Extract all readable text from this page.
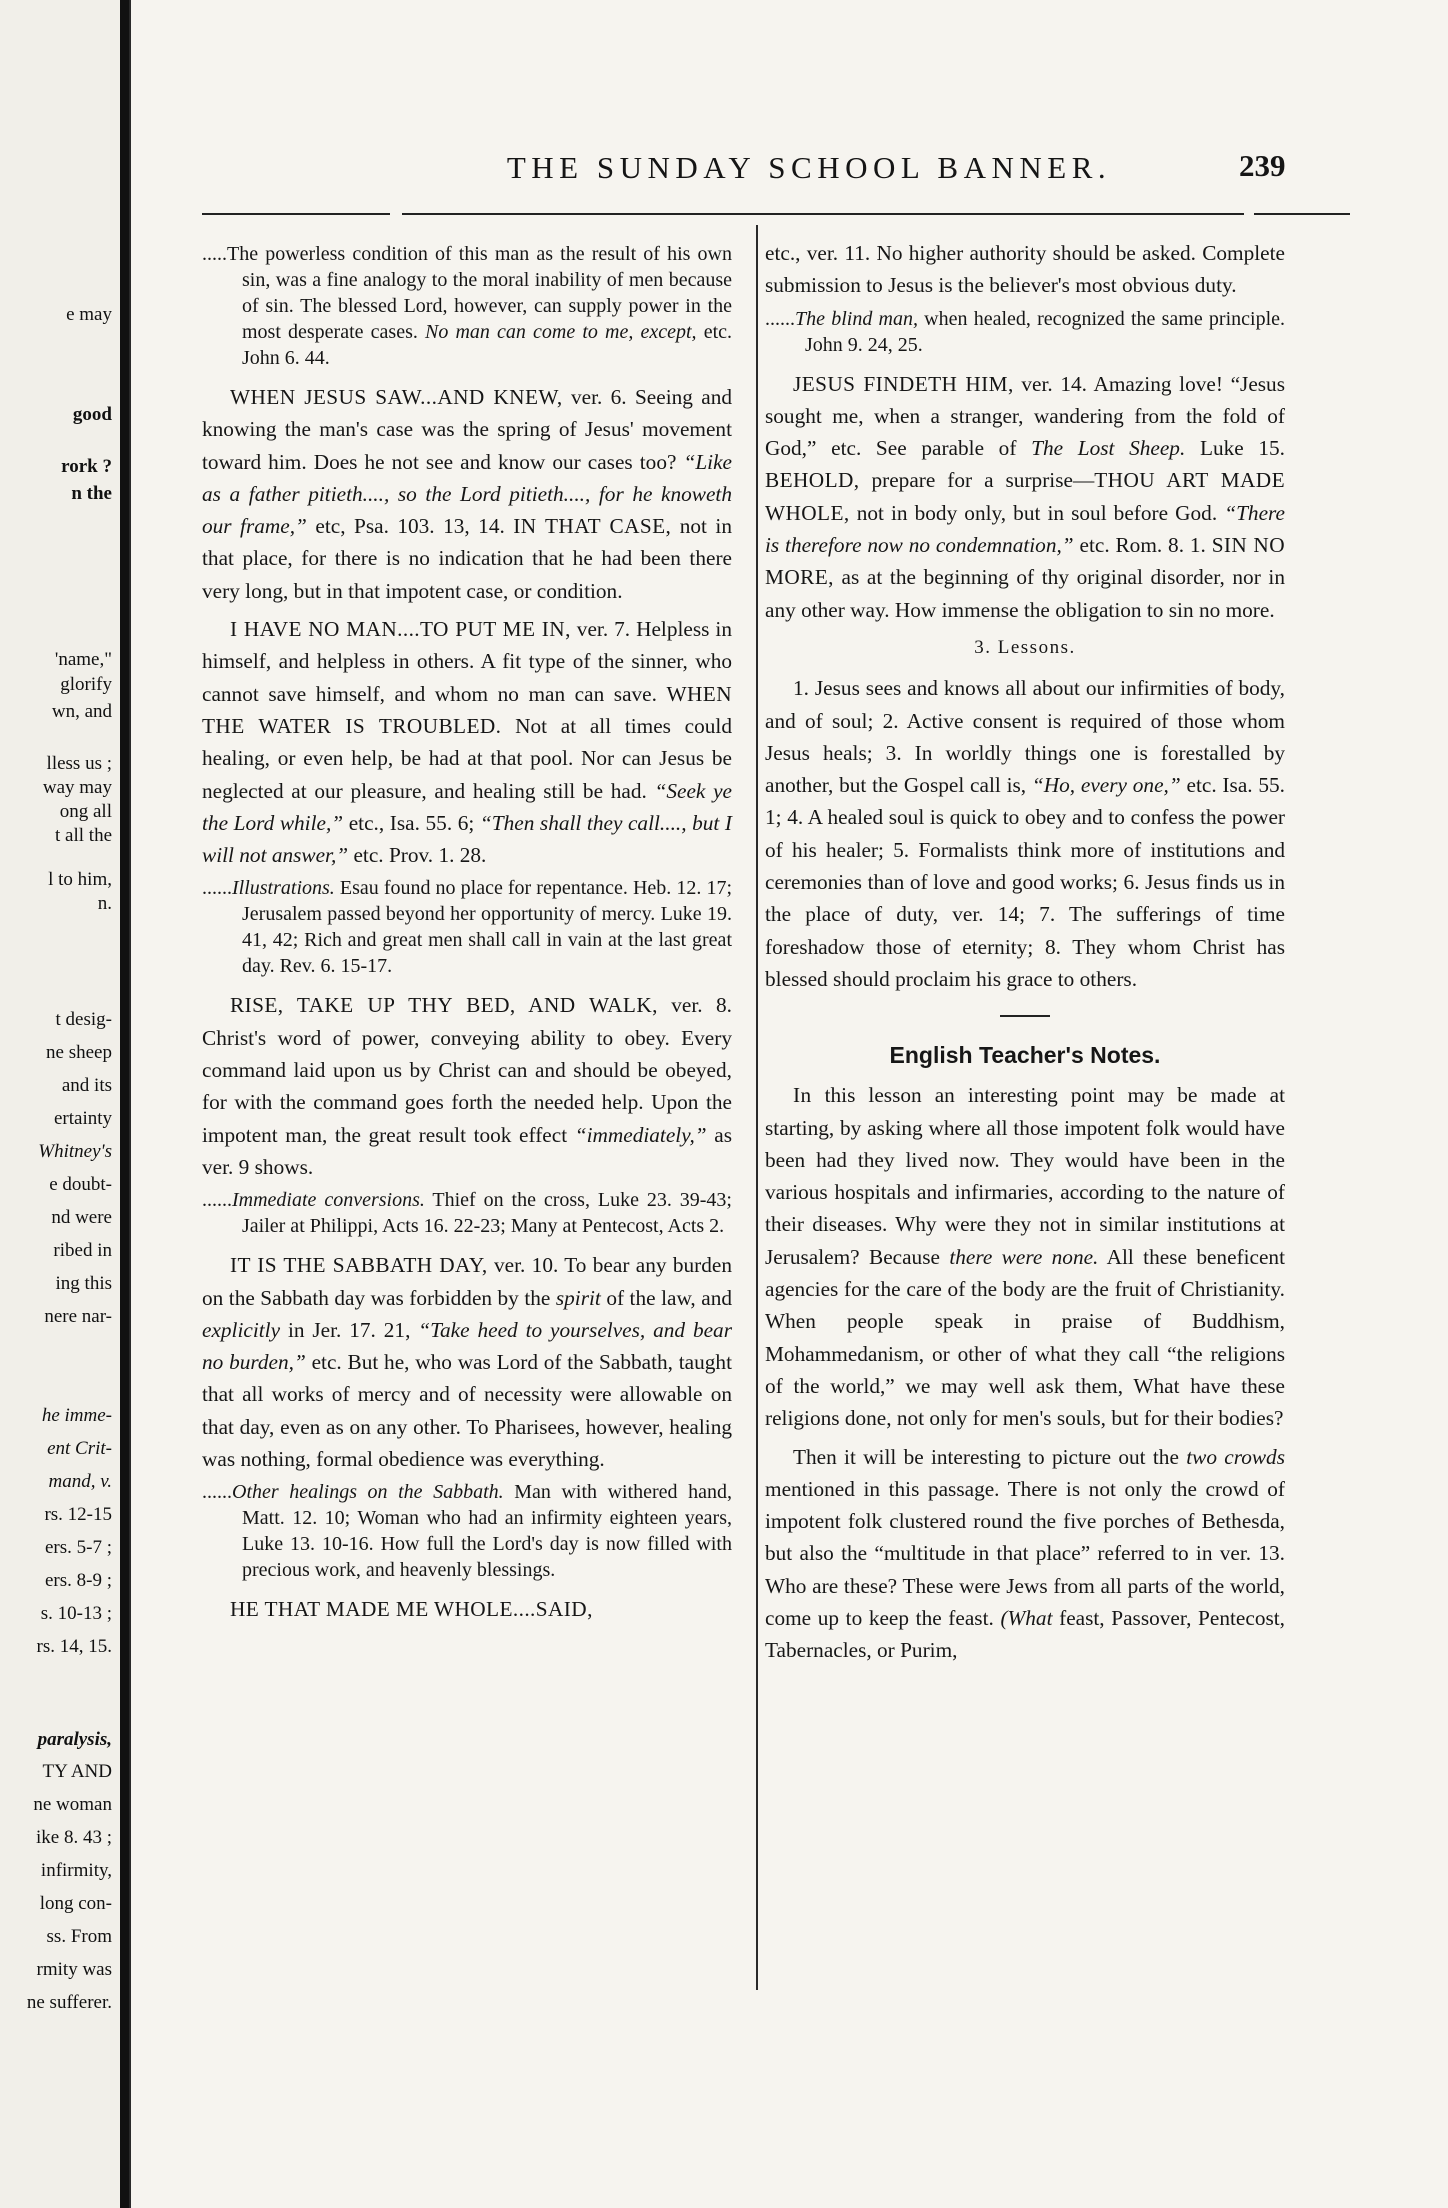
e may
good
rork ?
n the
'name,"
glorify
wn, and
lless us ;
way may
ong all
t all the
l to him,
n.
t desig-
ne sheep
and its
ertainty
Whitney's
e doubt-
nd were
ribed in
ing this
nere nar-
he imme-
ent Crit-
mand, v.
rs. 12-15
ers. 5-7 ;
ers. 8-9 ;
s. 10-13 ;
rs. 14, 15.
paralysis,
TY AND
ne woman
ike 8. 43 ;
infirmity,
long con-
ss. From
rmity was
ne sufferer.
THE SUNDAY SCHOOL BANNER.	239

.....The powerless condition of this man as the result of his own sin, was a fine analogy to the moral inability of men because of sin. The blessed Lord, however, can supply power in the most desperate cases. No man can come to me, except, etc. John 6. 44.

WHEN JESUS SAW...AND KNEW, ver. 6. Seeing and knowing the man's case was the spring of Jesus' movement toward him. Does he not see and know our cases too? “Like as a father pitieth...., so the Lord pitieth...., for he knoweth our frame,” etc, Psa. 103. 13, 14. IN THAT CASE, not in that place, for there is no indication that he had been there very long, but in that impotent case, or condition.

I HAVE NO MAN....TO PUT ME IN, ver. 7. Helpless in himself, and helpless in others. A fit type of the sinner, who cannot save himself, and whom no man can save. WHEN THE WATER IS TROUBLED. Not at all times could healing, or even help, be had at that pool. Nor can Jesus be neglected at our pleasure, and healing still be had. “Seek ye the Lord while,” etc., Isa. 55. 6; “Then shall they call...., but I will not answer,” etc. Prov. 1. 28.

......Illustrations. Esau found no place for repentance. Heb. 12. 17; Jerusalem passed beyond her opportunity of mercy. Luke 19. 41, 42; Rich and great men shall call in vain at the last great day. Rev. 6. 15-17.

RISE, TAKE UP THY BED, AND WALK, ver. 8. Christ's word of power, conveying ability to obey. Every command laid upon us by Christ can and should be obeyed, for with the command goes forth the needed help. Upon the impotent man, the great result took effect “immediately,” as ver. 9 shows.

......Immediate conversions. Thief on the cross, Luke 23. 39-43; Jailer at Philippi, Acts 16. 22-23; Many at Pentecost, Acts 2.

IT IS THE SABBATH DAY, ver. 10. To bear any burden on the Sabbath day was forbidden by the spirit of the law, and explicitly in Jer. 17. 21, “Take heed to yourselves, and bear no burden,” etc. But he, who was Lord of the Sabbath, taught that all works of mercy and of necessity were allowable on that day, even as on any other. To Pharisees, however, healing was nothing, formal obedience was everything.

......Other healings on the Sabbath. Man with withered hand, Matt. 12. 10; Woman who had an infirmity eighteen years, Luke 13. 10-16. How full the Lord's day is now filled with precious work, and heavenly blessings.

HE THAT MADE ME WHOLE....SAID,

etc., ver. 11. No higher authority should be asked. Complete submission to Jesus is the believer's most obvious duty.

......The blind man, when healed, recognized the same principle. John 9. 24, 25.

JESUS FINDETH HIM, ver. 14. Amazing love! “Jesus sought me, when a stranger, wandering from the fold of God,” etc. See parable of The Lost Sheep. Luke 15. BEHOLD, prepare for a surprise—THOU ART MADE WHOLE, not in body only, but in soul before God. “There is therefore now no condemnation,” etc. Rom. 8. 1. SIN NO MORE, as at the beginning of thy original disorder, nor in any other way. How immense the obligation to sin no more.

3. Lessons.

1. Jesus sees and knows all about our infirmities of body, and of soul; 2. Active consent is required of those whom Jesus heals; 3. In worldly things one is forestalled by another, but the Gospel call is, “Ho, every one,” etc. Isa. 55. 1; 4. A healed soul is quick to obey and to confess the power of his healer; 5. Formalists think more of institutions and ceremonies than of love and good works; 6. Jesus finds us in the place of duty, ver. 14; 7. The sufferings of time foreshadow those of eternity; 8. They whom Christ has blessed should proclaim his grace to others.

English Teacher's Notes.

In this lesson an interesting point may be made at starting, by asking where all those impotent folk would have been had they lived now. They would have been in the various hospitals and infirmaries, according to the nature of their diseases. Why were they not in similar institutions at Jerusalem? Because there were none. All these beneficent agencies for the care of the body are the fruit of Christianity. When people speak in praise of Buddhism, Mohammedanism, or other of what they call “the religions of the world,” we may well ask them, What have these religions done, not only for men's souls, but for their bodies?

Then it will be interesting to picture out the two crowds mentioned in this passage. There is not only the crowd of impotent folk clustered round the five porches of Bethesda, but also the “multitude in that place” referred to in ver. 13. Who are these? These were Jews from all parts of the world, come up to keep the feast. (What feast, Passover, Pentecost, Tabernacles, or Purim,
